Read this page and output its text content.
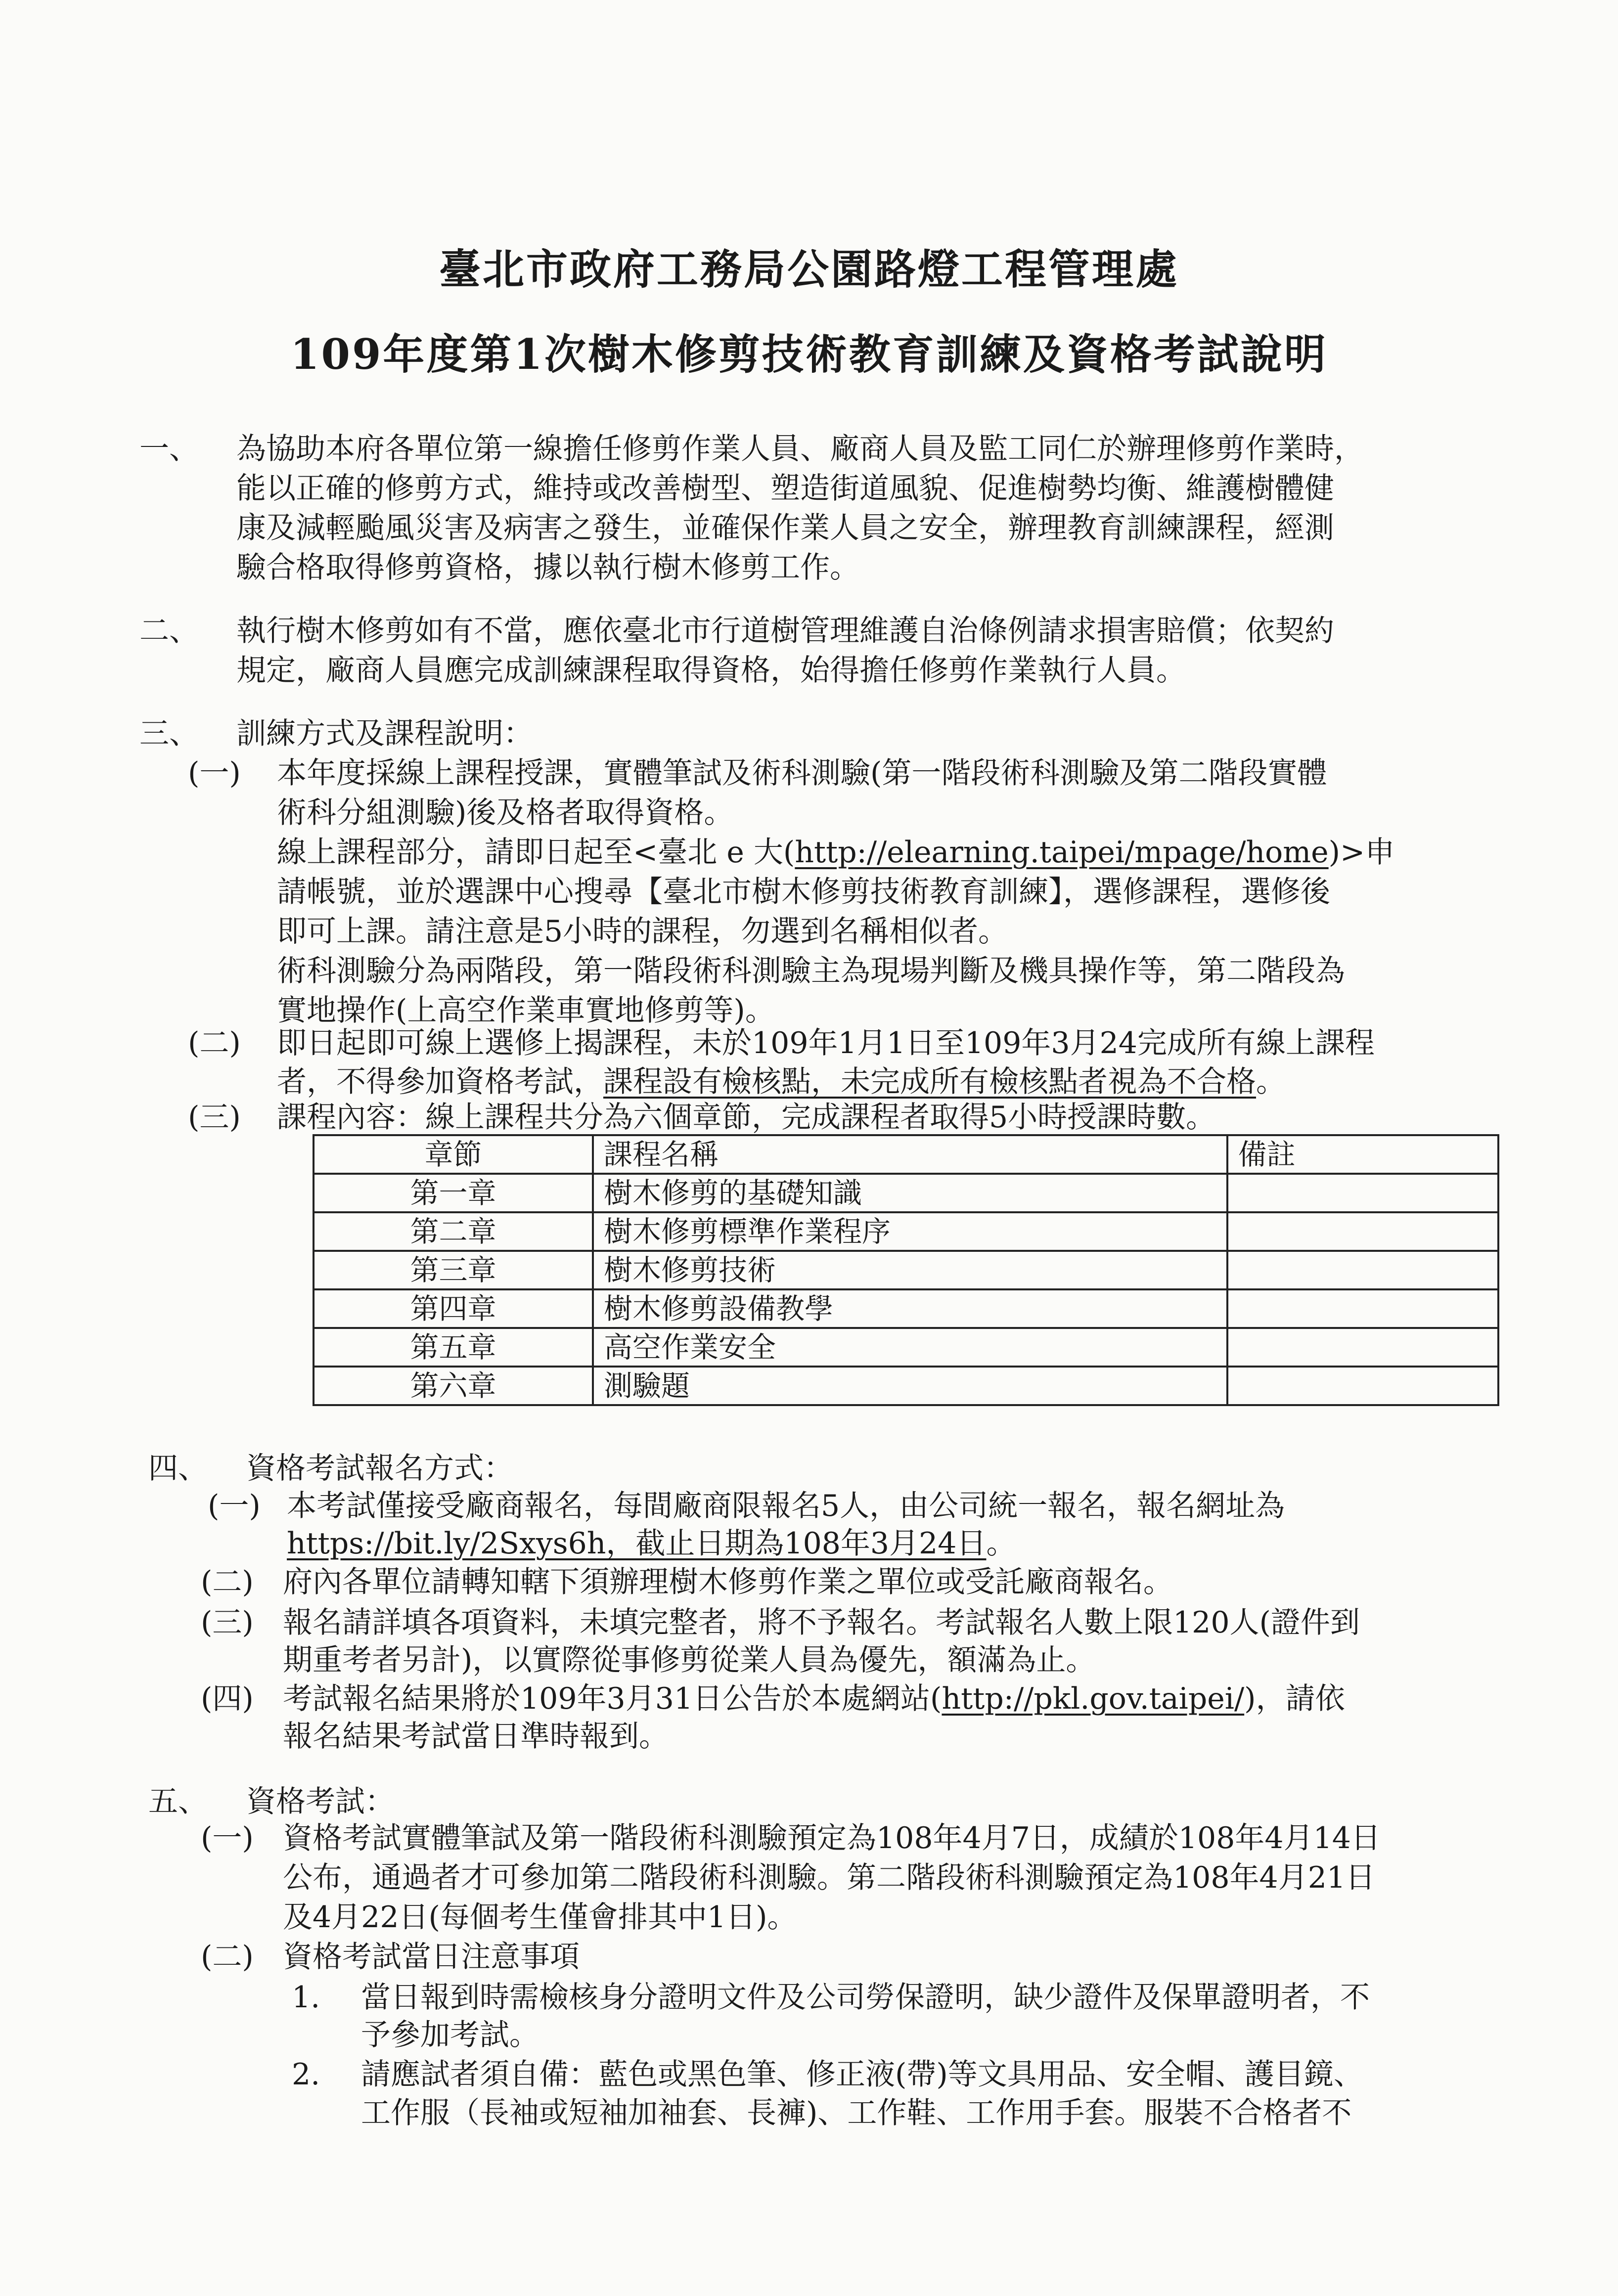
臺北市政府工務局公園路燈工程管理處
109年度第1次樹木修剪技術教育訓練及資格考試說明
一、 為協助本府各單位第一線擔任修剪作業人員、廠商人員及監工同仁於辦理修剪作業時，
能以正確的修剪方式，維持或改善樹型、塑造街道風貌、促進樹勢均衡、維護樹體健
康及減輕颱風災害及病害之發生，並確保作業人員之安全，辦理教育訓練課程，經測
驗合格取得修剪資格，據以執行樹木修剪工作。
二、 執行樹木修剪如有不當，應依臺北市行道樹管理維護自治條例請求損害賠償；依契約
規定，廠商人員應完成訓練課程取得資格，始得擔任修剪作業執行人員。
三、 訓練方式及課程說明：
(一) 本年度採線上課程授課，實體筆試及術科測驗(第一階段術科測驗及第二階段實體
術科分組測驗)後及格者取得資格。
線上課程部分，請即日起至<臺北 e 大(http://elearning.taipei/mpage/home)>申
請帳號，並於選課中心搜尋【臺北市樹木修剪技術教育訓練】，選修課程，選修後
即可上課。請注意是5小時的課程，勿選到名稱相似者。
術科測驗分為兩階段，第一階段術科測驗主為現場判斷及機具操作等，第二階段為
實地操作(上高空作業車實地修剪等)。
(二) 即日起即可線上選修上揭課程，未於109年1月1日至109年3月24完成所有線上課程
者，不得參加資格考試，課程設有檢核點，未完成所有檢核點者視為不合格。
(三) 課程內容：線上課程共分為六個章節，完成課程者取得5小時授課時數。
章節	課程名稱	備註
第一章	樹木修剪的基礎知識	
第二章	樹木修剪標準作業程序	
第三章	樹木修剪技術	
第四章	樹木修剪設備教學	
第五章	高空作業安全	
第六章	測驗題	
四、 資格考試報名方式：
(一) 本考試僅接受廠商報名，每間廠商限報名5人，由公司統一報名，報名網址為
https://bit.ly/2Sxys6h，截止日期為108年3月24日。
(二) 府內各單位請轉知轄下須辦理樹木修剪作業之單位或受託廠商報名。
(三) 報名請詳填各項資料，未填完整者，將不予報名。考試報名人數上限120人(證件到
期重考者另計)，以實際從事修剪從業人員為優先，額滿為止。
(四) 考試報名結果將於109年3月31日公告於本處網站(http://pkl.gov.taipei/)，請依
報名結果考試當日準時報到。
五、 資格考試：
(一) 資格考試實體筆試及第一階段術科測驗預定為108年4月7日，成績於108年4月14日
公布，通過者才可參加第二階段術科測驗。第二階段術科測驗預定為108年4月21日
及4月22日(每個考生僅會排其中1日)。
(二) 資格考試當日注意事項
1. 當日報到時需檢核身分證明文件及公司勞保證明，缺少證件及保單證明者，不
予參加考試。
2. 請應試者須自備：藍色或黑色筆、修正液(帶)等文具用品、安全帽、護目鏡、
工作服（長袖或短袖加袖套、長褲)、工作鞋、工作用手套。服裝不合格者不
